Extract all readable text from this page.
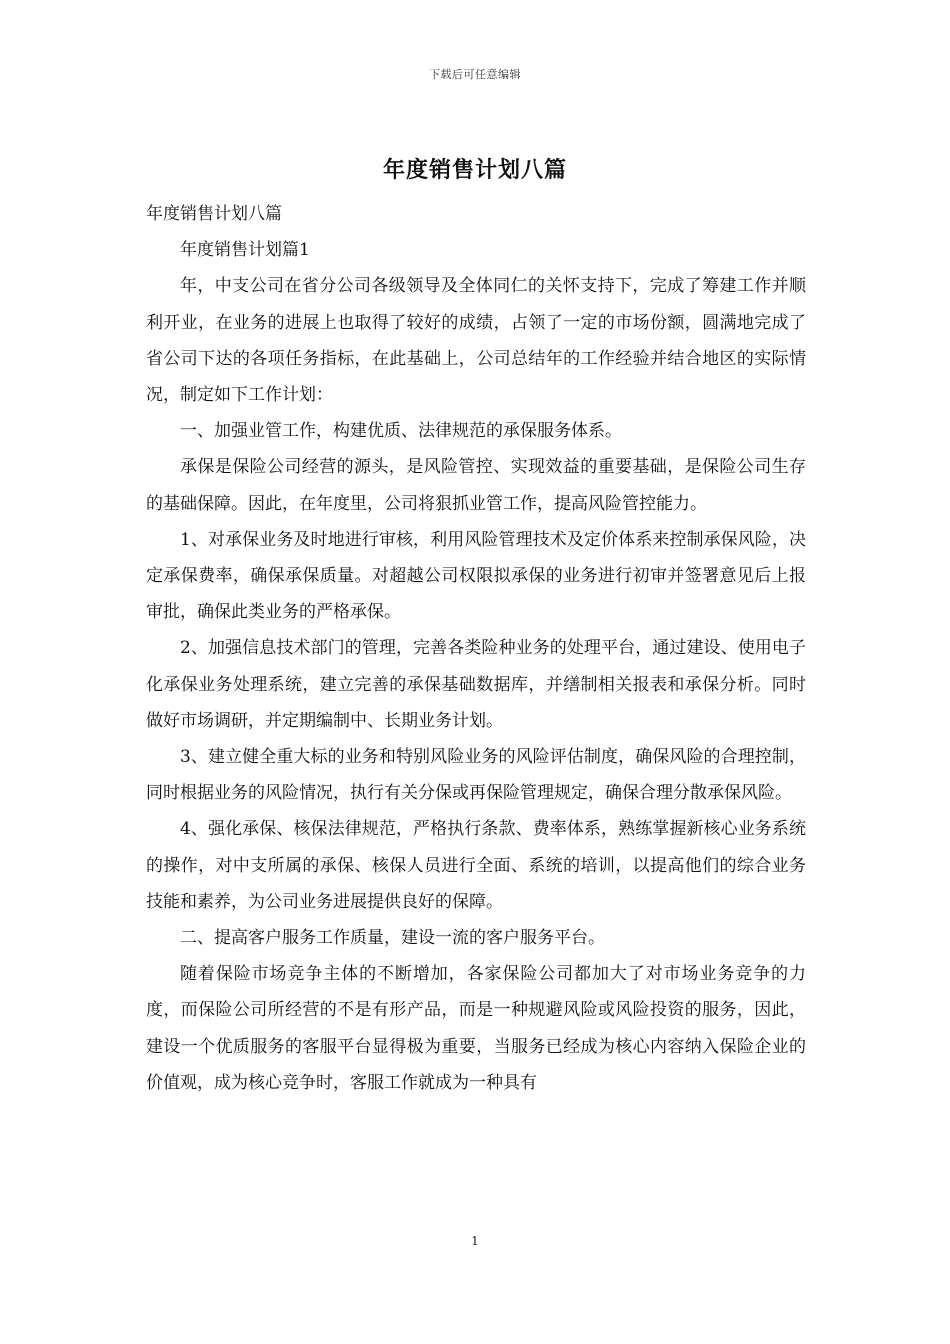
下载后可任意编辑
年度销售计划八篇

年度销售计划八篇

年度销售计划篇1

年，中支公司在省分公司各级领导及全体同仁的关怀支持下，完成了筹建工作并顺利开业，在业务的进展上也取得了较好的成绩，占领了一定的市场份额，圆满地完成了省公司下达的各项任务指标，在此基础上，公司总结年的工作经验并结合地区的实际情况，制定如下工作计划：

一、加强业管工作，构建优质、法律规范的承保服务体系。

承保是保险公司经营的源头，是风险管控、实现效益的重要基础，是保险公司生存的基础保障。因此，在年度里，公司将狠抓业管工作，提高风险管控能力。

1、对承保业务及时地进行审核，利用风险管理技术及定价体系来控制承保风险，决定承保费率，确保承保质量。对超越公司权限拟承保的业务进行初审并签署意见后上报审批，确保此类业务的严格承保。

2、加强信息技术部门的管理，完善各类险种业务的处理平台，通过建设、使用电子化承保业务处理系统，建立完善的承保基础数据库，并缮制相关报表和承保分析。同时做好市场调研，并定期编制中、长期业务计划。

3、建立健全重大标的业务和特别风险业务的风险评估制度，确保风险的合理控制，同时根据业务的风险情况，执行有关分保或再保险管理规定，确保合理分散承保风险。

4、强化承保、核保法律规范，严格执行条款、费率体系，熟练掌握新核心业务系统的操作，对中支所属的承保、核保人员进行全面、系统的培训，以提高他们的综合业务技能和素养，为公司业务进展提供良好的保障。

二、提高客户服务工作质量，建设一流的客户服务平台。

随着保险市场竞争主体的不断增加，各家保险公司都加大了对市场业务竞争的力度，而保险公司所经营的不是有形产品，而是一种规避风险或风险投资的服务，因此，建设一个优质服务的客服平台显得极为重要，当服务已经成为核心内容纳入保险企业的价值观，成为核心竞争时，客服工作就成为一种具有

1
